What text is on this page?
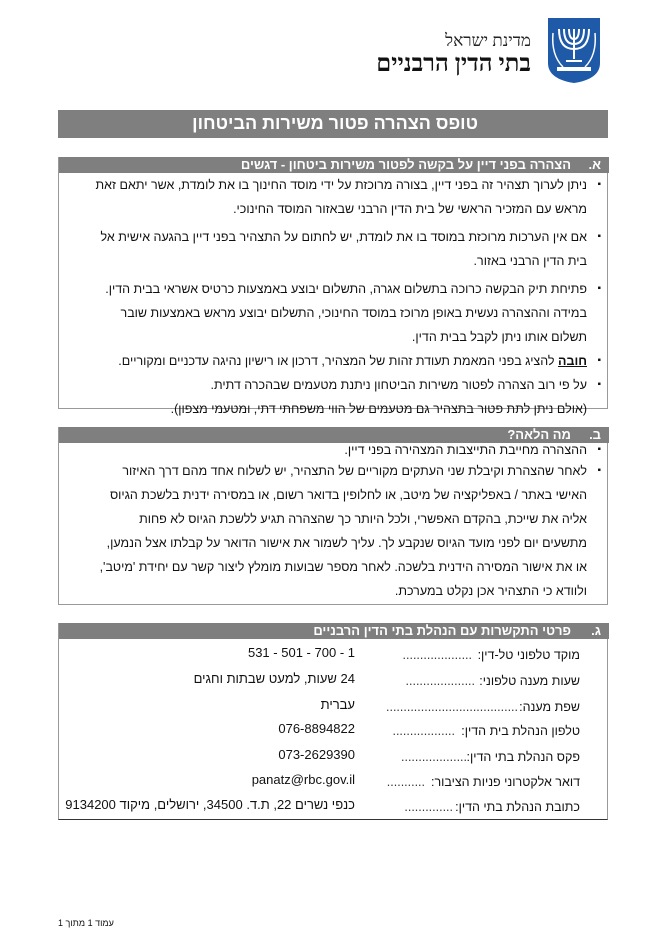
מדינת ישראל
בתי הדין הרבניים
טופס הצהרה פטור משירות הביטחון
א.
הצהרה בפני דיין על בקשה לפטור משירות ביטחון - דגשים
▪ ניתן לערוך תצהיר זה בפני דיין, בצורה מרוכזת על ידי מוסד החינוך בו את לומדת, אשר יתאם זאת
מראש עם המזכיר הראשי של בית הדין הרבני שבאזור המוסד החינוכי.
▪ אם אין הערכות מרוכזת במוסד בו את לומדת, יש לחתום על התצהיר בפני דיין בהגעה אישית אל
בית הדין הרבני באזור.
▪ פתיחת תיק הבקשה כרוכה בתשלום אגרה, התשלום יבוצע באמצעות כרטיס אשראי בבית הדין.
במידה וההצהרה נעשית באופן מרוכז במוסד החינוכי, התשלום יבוצע מראש באמצעות שובר
תשלום אותו ניתן לקבל בבית הדין.
▪ חובה להציג בפני המאמת תעודת זהות של המצהיר, דרכון או רישיון נהיגה עדכניים ומקוריים.
▪ על פי רוב הצהרה לפטור משירות הביטחון ניתנת מטעמים שבהכרה דתית.
(אולם ניתן לתת פטור בתצהיר גם מטעמים של הווי משפחתי דתי, ומטעמי מצפון).
ב.
מה הלאה?
▪ ההצהרה מחייבת התייצבות המצהירה בפני דיין.
▪ לאחר שהצהרת וקיבלת שני העתקים מקוריים של התצהיר, יש לשלוח אחד מהם דרך האיזור
האישי באתר / באפליקציה של מיטב, או לחלופין בדואר רשום, או במסירה ידנית בלשכת הגיוס
אליה את שייכת, בהקדם האפשרי, ולכל היותר כך שהצהרה תגיע ללשכת הגיוס לא פחות
מתשעים יום לפני מועד הגיוס שנקבע לך. עליך לשמור את אישור הדואר על קבלתו אצל הנמען,
או את אישור המסירה הידנית בלשכה. לאחר מספר שבועות מומלץ ליצור קשר עם יחידת 'מיטב',
ולוודא כי התצהיר אכן נקלט במערכת.
ג.
פרטי התקשרות עם הנהלת בתי הדין הרבניים
מוקד טלפוני טל-דין:
....................
1 - 700 - 501 - 531
שעות מענה טלפוני:
....................
24 שעות, למעט שבתות וחגים
שפת מענה:
......................................
עברית
טלפון הנהלת בית הדין:
..................
076-8894822
פקס הנהלת בתי הדין:
...................
073-2629390
דואר אלקטרוני פניות הציבור:
...........
panatz@rbc.gov.il
כתובת הנהלת בתי הדין:
..............
כנפי נשרים 22, ת.ד. 34500, ירושלים, מיקוד 9134200
עמוד 1 מתוך 1
